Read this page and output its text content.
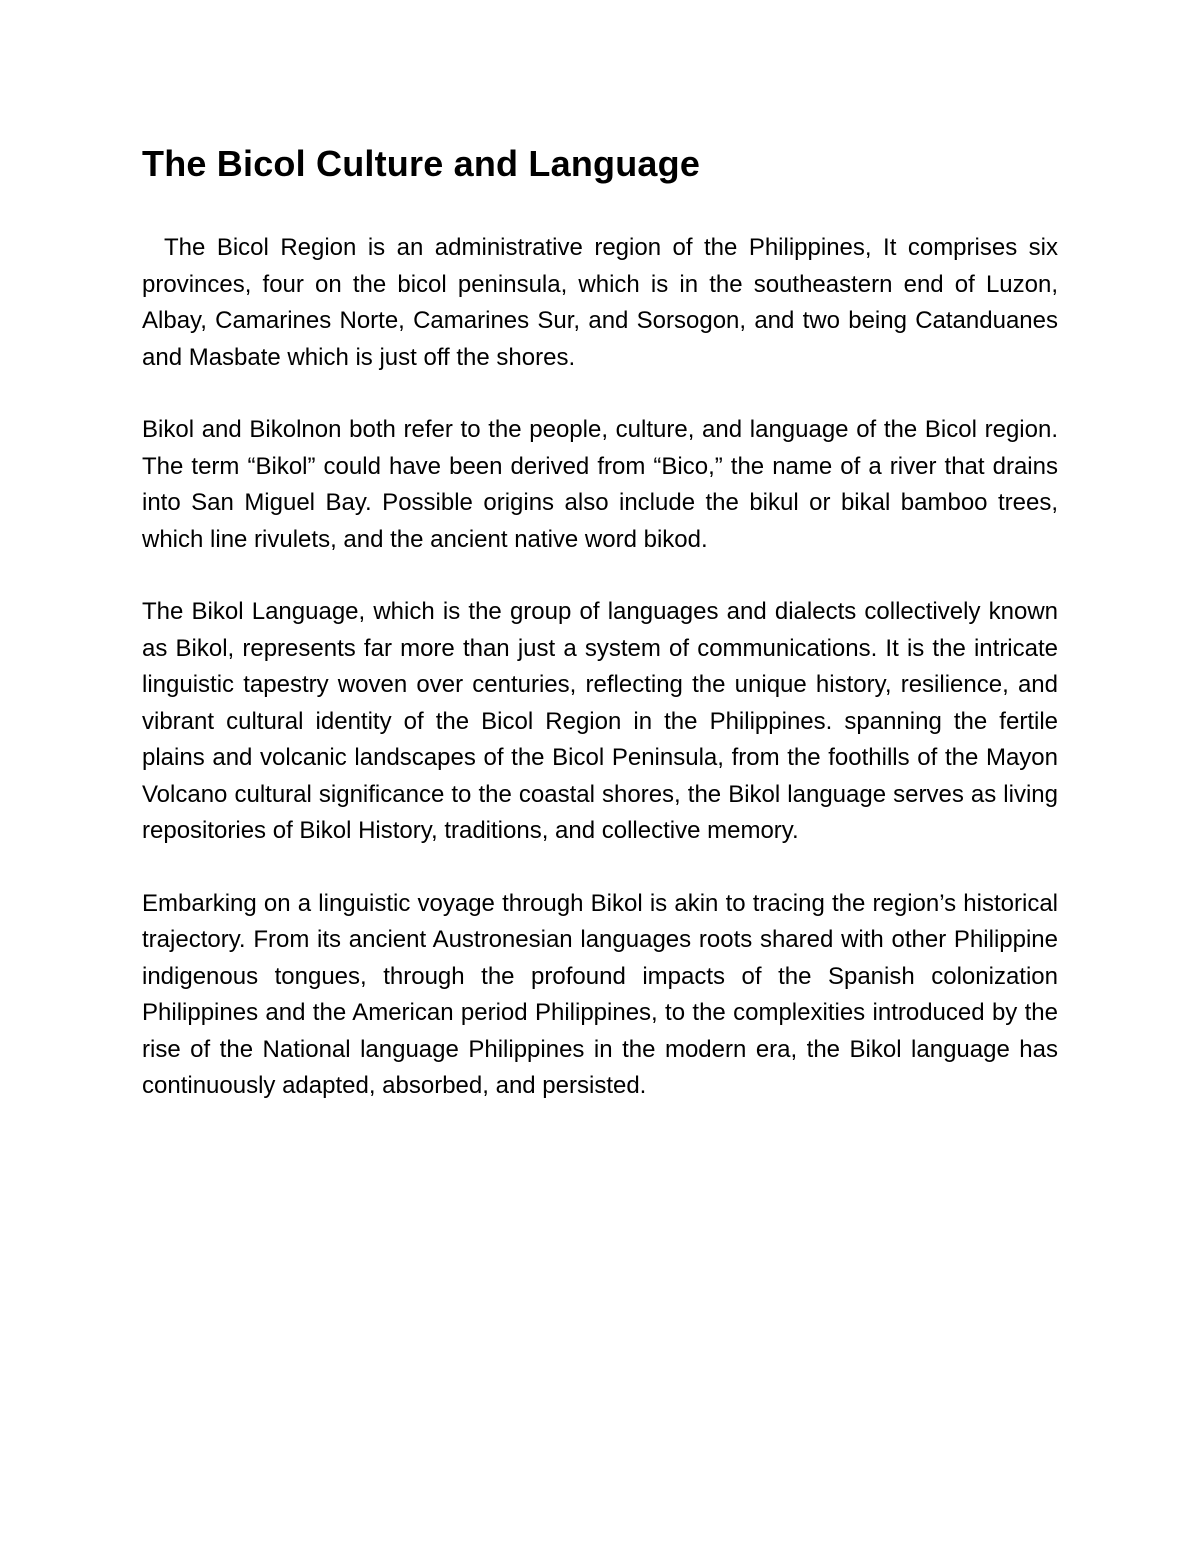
The Bicol Culture and Language

The Bicol Region is an administrative region of the Philippines, It comprises six provinces, four on the bicol peninsula, which is in the southeastern end of Luzon, Albay, Camarines Norte, Camarines Sur, and Sorsogon, and two being Catanduanes and Masbate which is just off the shores.

Bikol and Bikolnon both refer to the people, culture, and language of the Bicol region. The term “Bikol” could have been derived from “Bico,” the name of a river that drains into San Miguel Bay. Possible origins also include the bikul or bikal bamboo trees, which line rivulets, and the ancient native word bikod.

The Bikol Language, which is the group of languages and dialects collectively known as Bikol, represents far more than just a system of communications. It is the intricate linguistic tapestry woven over centuries, reflecting the unique history, resilience, and vibrant cultural identity of the Bicol Region in the Philippines. spanning the fertile plains and volcanic landscapes of the Bicol Peninsula, from the foothills of the Mayon Volcano cultural significance to the coastal shores, the Bikol language serves as living repositories of Bikol History, traditions, and collective memory.

Embarking on a linguistic voyage through Bikol is akin to tracing the region’s historical trajectory. From its ancient Austronesian languages roots shared with other Philippine indigenous tongues, through the profound impacts of the Spanish colonization Philippines and the American period Philippines, to the complexities introduced by the rise of the National language Philippines in the modern era, the Bikol language has continuously adapted, absorbed, and persisted.
